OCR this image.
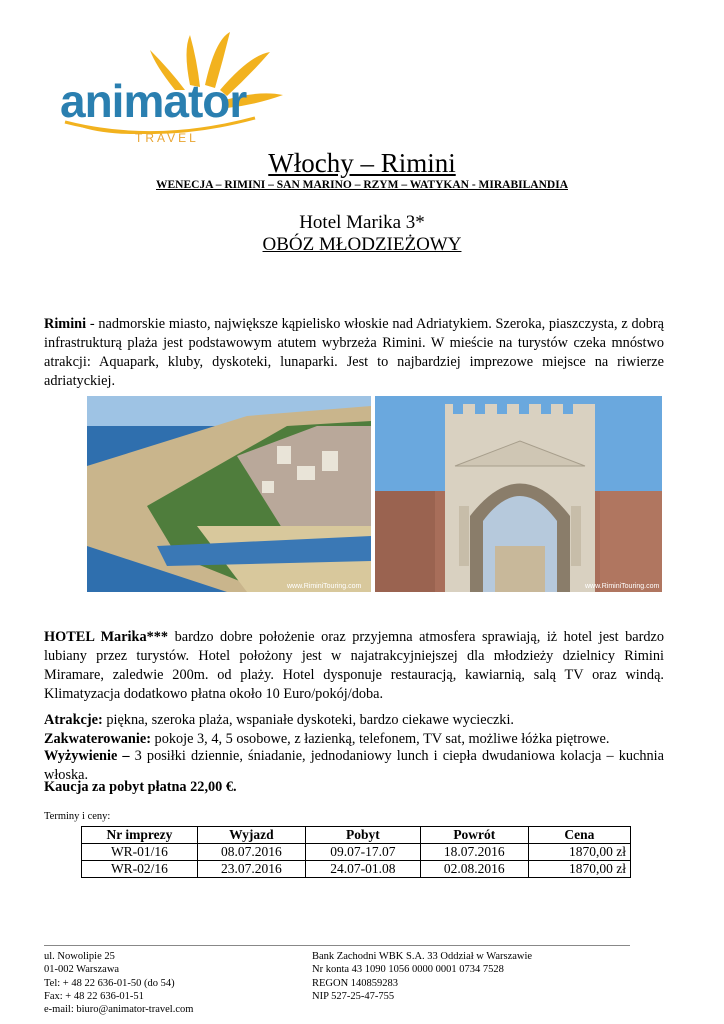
animator
TRAVEL
Włochy – Rimini
WENECJA – RIMINI – SAN MARINO – RZYM – WATYKAN - MIRABILANDIA
Hotel Marika 3*
OBÓZ MŁODZIEŻOWY
Rimini - nadmorskie miasto, największe kąpielisko włoskie nad Adriatykiem. Szeroka, piaszczysta, z dobrą infrastrukturą plaża jest podstawowym atutem wybrzeża Rimini. W mieście na turystów czeka mnóstwo atrakcji: Aquapark, kluby, dyskoteki, lunaparki. Jest to najbardziej imprezowe miejsce na riwierze adriatyckiej.
www.RiminiTouring.com	www.RiminiTouring.com
HOTEL Marika*** bardzo dobre położenie oraz przyjemna atmosfera sprawiają, iż hotel jest bardzo lubiany przez turystów. Hotel położony jest w najatrakcyjniejszej dla młodzieży dzielnicy Rimini Miramare, zaledwie 200m. od plaży. Hotel dysponuje restauracją, kawiarnią, salą TV oraz windą. Klimatyzacja dodatkowo płatna około 10 Euro/pokój/doba.
Atrakcje: piękna, szeroka plaża, wspaniałe dyskoteki, bardzo ciekawe wycieczki.
Zakwaterowanie: pokoje 3, 4, 5 osobowe, z łazienką, telefonem, TV sat, możliwe łóżka piętrowe.
Wyżywienie – 3 posiłki dziennie, śniadanie, jednodaniowy lunch i ciepła dwudaniowa kolacja – kuchnia włoska.
Kaucja za pobyt płatna 22,00 €.
Terminy i ceny:
Nr imprezy	Wyjazd	Pobyt	Powrót	Cena
WR-01/16	08.07.2016	09.07-17.07	18.07.2016	1870,00 zł
WR-02/16	23.07.2016	24.07-01.08	02.08.2016	1870,00 zł
ul. Nowolipie 25
01-002 Warszawa
Tel: + 48 22 636-01-50 (do 54)
Fax: + 48 22 636-01-51
e-mail: biuro@animator-travel.com
Bank Zachodni WBK S.A. 33 Oddział w Warszawie
Nr konta 43 1090 1056 0000 0001 0734 7528
REGON 140859283
NIP 527-25-47-755
